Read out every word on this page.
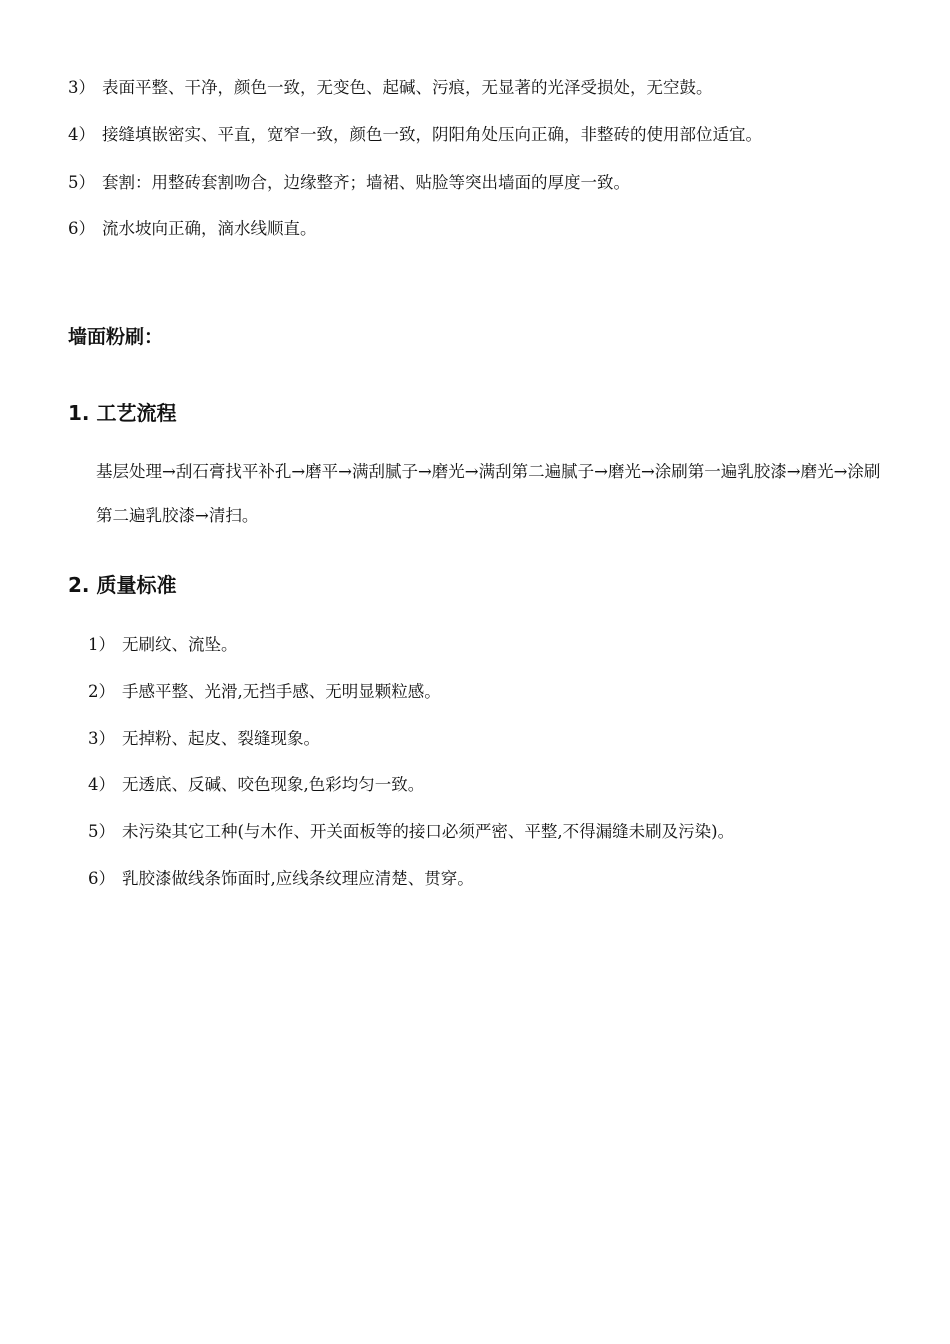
3） 表面平整、干净，颜色一致，无变色、起碱、污痕，无显著的光泽受损处，无空鼓。
4） 接缝填嵌密实、平直，宽窄一致，颜色一致，阴阳角处压向正确，非整砖的使用部位适宜。
5） 套割：用整砖套割吻合，边缘整齐；墙裙、贴脸等突出墙面的厚度一致。
6） 流水坡向正确，滴水线顺直。
墙面粉刷：
1. 工艺流程
基层处理→刮石膏找平补孔→磨平→满刮腻子→磨光→满刮第二遍腻子→磨光→涂刷第一遍乳胶漆→磨光→涂刷第二遍乳胶漆→清扫。
2. 质量标准
1） 无刷纹、流坠。
2） 手感平整、光滑,无挡手感、无明显颗粒感。
3） 无掉粉、起皮、裂缝现象。
4） 无透底、反碱、咬色现象,色彩均匀一致。
5） 未污染其它工种(与木作、开关面板等的接口必须严密、平整,不得漏缝未刷及污染)。
6） 乳胶漆做线条饰面时,应线条纹理应清楚、贯穿。
